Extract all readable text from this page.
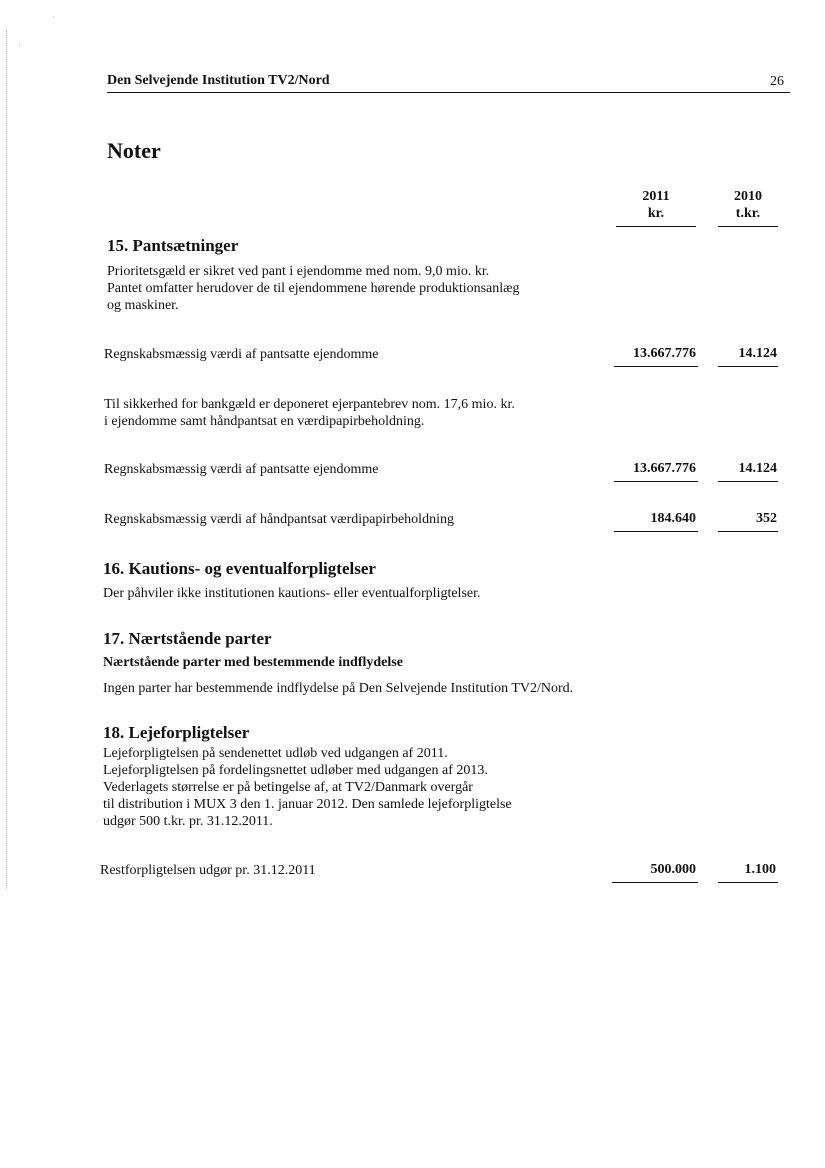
·
·
Den Selvejende Institution TV2/Nord	26
Noter
2011
kr.
2010
t.kr.
15. Pantsætninger
Prioritetsgæld er sikret ved pant i ejendomme med nom. 9,0 mio. kr.
Pantet omfatter herudover de til ejendommene hørende produktionsanlæg
og maskiner.
Regnskabsmæssig værdi af pantsatte ejendomme	13.667.776	14.124
Til sikkerhed for bankgæld er deponeret ejerpantebrev nom. 17,6 mio. kr.
i ejendomme samt håndpantsat en værdipapirbeholdning.
Regnskabsmæssig værdi af pantsatte ejendomme	13.667.776	14.124
Regnskabsmæssig værdi af håndpantsat værdipapirbeholdning	184.640	352
16. Kautions- og eventualforpligtelser
Der påhviler ikke institutionen kautions- eller eventualforpligtelser.
17. Nærtstående parter
Nærtstående parter med bestemmende indflydelse
Ingen parter har bestemmende indflydelse på Den Selvejende Institution TV2/Nord.
18. Lejeforpligtelser
Lejeforpligtelsen på sendenettet udløb ved udgangen af 2011.
Lejeforpligtelsen på fordelingsnettet udløber med udgangen af 2013.
Vederlagets størrelse er på betingelse af, at TV2/Danmark overgår
til distribution i MUX 3 den 1. januar 2012. Den samlede lejeforpligtelse
udgør 500 t.kr. pr. 31.12.2011.
Restforpligtelsen udgør pr. 31.12.2011	500.000	1.100
